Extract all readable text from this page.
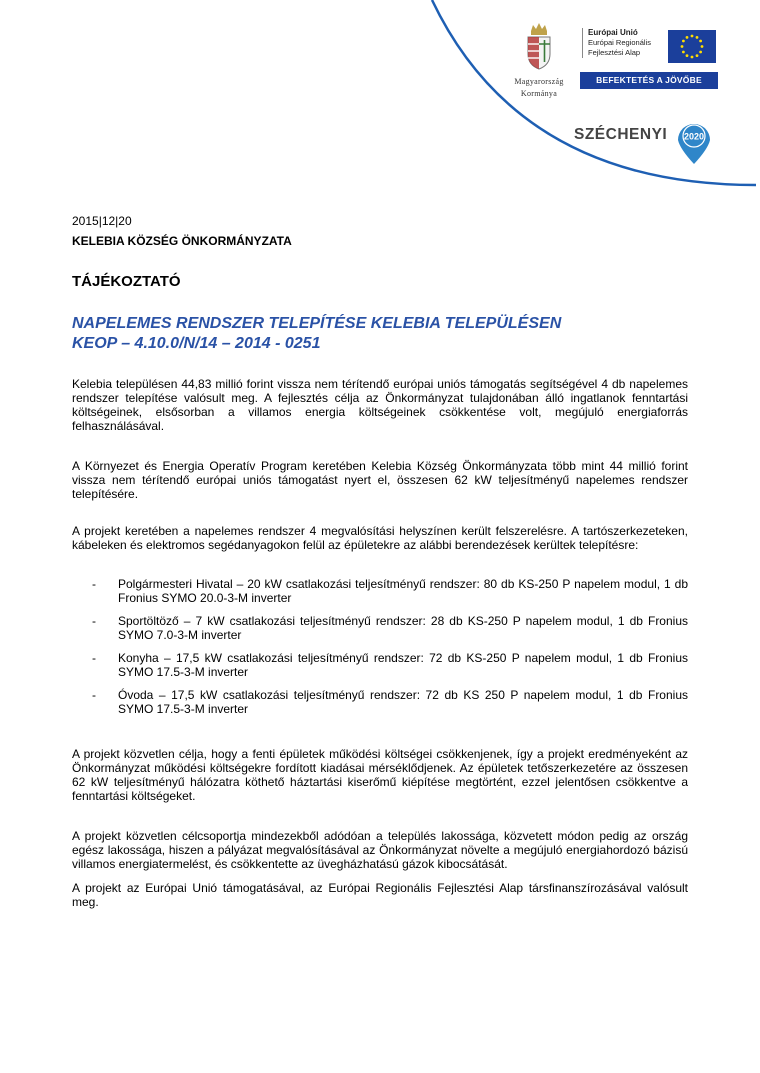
Magyarország
Kormánya
Európai Unió
Európai Regionális
Fejlesztési Alap
BEFEKTETÉS A JÖVŐBE
SZÉCHENYI 2020
2015|12|20
KELEBIA KÖZSÉG ÖNKORMÁNYZATA
TÁJÉKOZTATÓ
NAPELEMES RENDSZER TELEPÍTÉSE KELEBIA TELEPÜLÉSEN
KEOP – 4.10.0/N/14 – 2014 - 0251
Kelebia településen 44,83 millió forint vissza nem térítendő európai uniós támogatás segítségével 4 db napelemes rendszer telepítése valósult meg. A fejlesztés célja az Önkormányzat tulajdonában álló ingatlanok fenntartási költségeinek, elsősorban a villamos energia költségeinek csökkentése volt, megújuló energiaforrás felhasználásával.
A Környezet és Energia Operatív Program keretében Kelebia Község Önkormányzata több mint 44 millió forint vissza nem térítendő európai uniós támogatást nyert el, összesen 62 kW teljesítményű napelemes rendszer telepítésére.
A projekt keretében a napelemes rendszer 4 megvalósítási helyszínen került felszerelésre. A tartószerkezeteken, kábeleken és elektromos segédanyagokon felül az épületekre az alábbi berendezések kerültek telepítésre:
- Polgármesteri Hivatal – 20 kW csatlakozási teljesítményű rendszer: 80 db KS-250 P napelem modul, 1 db Fronius SYMO 20.0-3-M inverter
- Sportöltöző – 7 kW csatlakozási teljesítményű rendszer: 28 db KS-250 P napelem modul, 1 db Fronius SYMO 7.0-3-M inverter
- Konyha – 17,5 kW csatlakozási teljesítményű rendszer: 72 db KS-250 P napelem modul, 1 db Fronius SYMO 17.5-3-M inverter
- Óvoda – 17,5 kW csatlakozási teljesítményű rendszer: 72 db KS 250 P napelem modul, 1 db Fronius SYMO 17.5-3-M inverter
A projekt közvetlen célja, hogy a fenti épületek működési költségei csökkenjenek, így a projekt eredményeként az Önkormányzat működési költségekre fordított kiadásai mérséklődjenek. Az épületek tetőszerkezetére az összesen 62 kW teljesítményű hálózatra köthető háztartási kiserőmű kiépítése megtörtént, ezzel jelentősen csökkentve a fenntartási költségeket.
A projekt közvetlen célcsoportja mindezekből adódóan a település lakossága, közvetett módon pedig az ország egész lakossága, hiszen a pályázat megvalósításával az Önkormányzat növelte a megújuló energiahordozó bázisú villamos energiatermelést, és csökkentette az üvegházhatású gázok kibocsátását.
A projekt az Európai Unió támogatásával, az Európai Regionális Fejlesztési Alap társfinanszírozásával valósult meg.
